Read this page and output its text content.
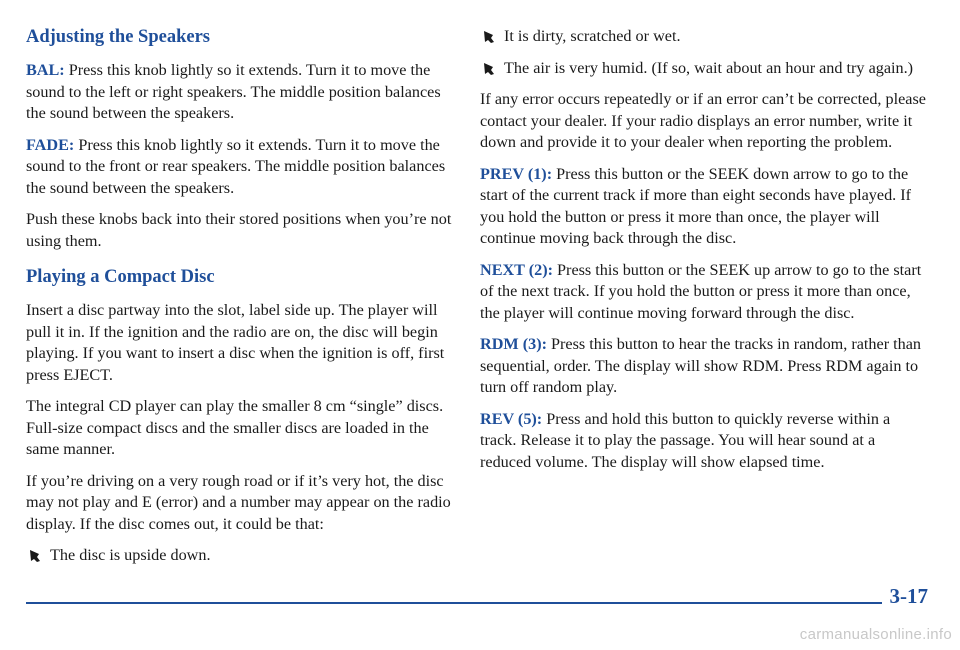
Adjusting the Speakers

BAL: Press this knob lightly so it extends. Turn it to move the sound to the left or right speakers. The middle position balances the sound between the speakers.

FADE: Press this knob lightly so it extends. Turn it to move the sound to the front or rear speakers. The middle position balances the sound between the speakers.

Push these knobs back into their stored positions when you’re not using them.

Playing a Compact Disc

Insert a disc partway into the slot, label side up. The player will pull it in. If the ignition and the radio are on, the disc will begin playing. If you want to insert a disc when the ignition is off, first press EJECT.

The integral CD player can play the smaller 8 cm “single” discs. Full-size compact discs and the smaller discs are loaded in the same manner.

If you’re driving on a very rough road or if it’s very hot, the disc may not play and E (error) and a number may appear on the radio display. If the disc comes out, it could be that:

The disc is upside down.
It is dirty, scratched or wet.
The air is very humid. (If so, wait about an hour and try again.)

If any error occurs repeatedly or if an error can’t be corrected, please contact your dealer. If your radio displays an error number, write it down and provide it to your dealer when reporting the problem.

PREV (1): Press this button or the SEEK down arrow to go to the start of the current track if more than eight seconds have played. If you hold the button or press it more than once, the player will continue moving back through the disc.

NEXT (2): Press this button or the SEEK up arrow to go to the start of the next track. If you hold the button or press it more than once, the player will continue moving forward through the disc.

RDM (3): Press this button to hear the tracks in random, rather than sequential, order. The display will show RDM. Press RDM again to turn off random play.

REV (5): Press and hold this button to quickly reverse within a track. Release it to play the passage. You will hear sound at a reduced volume. The display will show elapsed time.

3-17
carmanualsonline.info
